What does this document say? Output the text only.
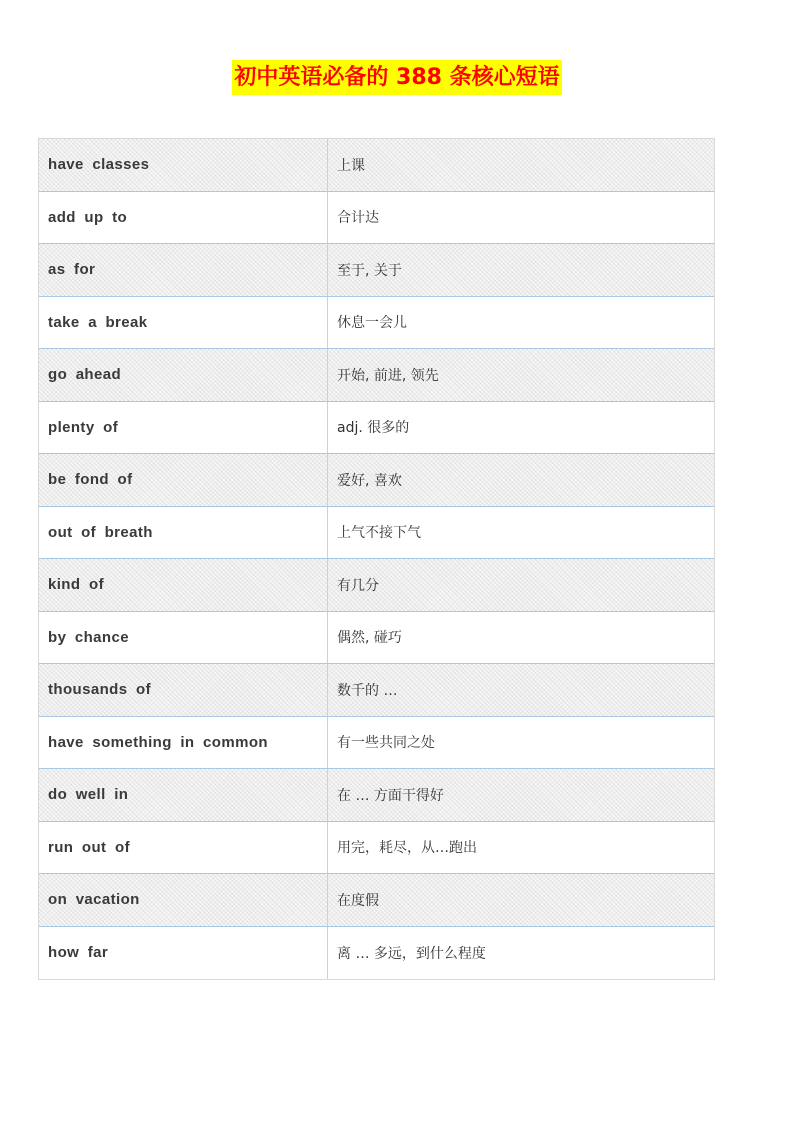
初中英语必备的 388 条核心短语
have classes	上课
add up to	合计达
as for	至于, 关于
take a break	休息一会儿
go ahead	开始, 前进, 领先
plenty of	adj. 很多的
be fond of	爱好, 喜欢
out of breath	上气不接下气
kind of	有几分
by chance	偶然, 碰巧
thousands of	数千的 …
have something in common	有一些共同之处
do well in	在 … 方面干得好
run out of	用完，耗尽，从…跑出
on vacation	在度假
how far	离 … 多远，到什么程度
